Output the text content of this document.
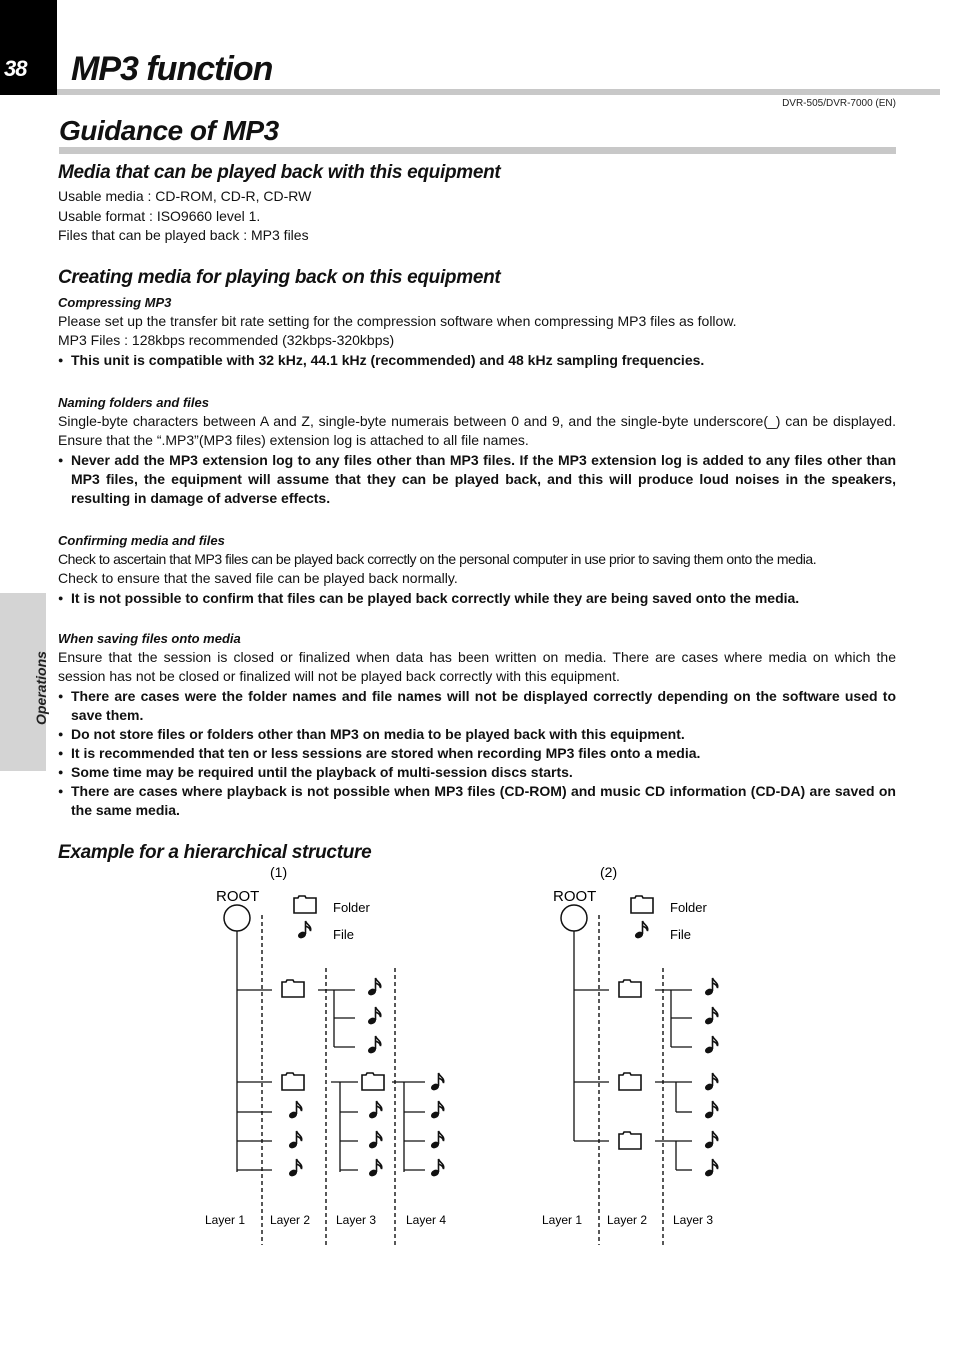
38 MP3 function
DVR-505/DVR-7000 (EN)
Guidance of MP3
Operations
Media that can be played back with this equipment

Usable media : CD-ROM, CD-R, CD-RW

Usable format : ISO9660 level 1.

Files that can be played back : MP3 files

Creating media for playing back on this equipment
Compressing MP3

Please set up the transfer bit rate setting for the compression software when compressing MP3 files as follow.

MP3 Files : 128kbps recommended (32kbps-320kbps)

● This unit is compatible with 32 kHz, 44.1 kHz (recommended) and 48 kHz sampling frequencies.
Naming folders and files

Single-byte characters between A and Z, single-byte numerais between 0 and 9, and the single-byte underscore(_) can be displayed. Ensure that the “.MP3”(MP3 files) extension log is attached to all file names.

● Never add the MP3 extension log to any files other than MP3 files. If the MP3 extension log is added to any files other than MP3 files, the equipment will assume that they can be played back, and this will produce loud noises in the speakers, resulting in damage of adverse effects.
Confirming media and files

Check to ascertain that MP3 files can be played back correctly on the personal computer in use prior to saving them onto the media.

Check to ensure that the saved file can be played back normally.

● It is not possible to confirm that files can be played back correctly while they are being saved onto the media.
When saving files onto media

Ensure that the session is closed or finalized when data has been written on media. There are cases where media on which the session has not be closed or finalized will not be played back correctly with this equipment.

● There are cases were the folder names and file names will not be displayed correctly depending on the software used to save them.
● Do not store files or folders other than MP3 on media to be played back with this equipment.
● It is recommended that ten or less sessions are stored when recording MP3 files onto a media.
● Some time may be required until the playback of multi-session discs starts.
● There are cases where playback is not possible when MP3 files (CD-ROM) and music CD information (CD-DA) are saved on the same media.
Example for a hierarchical structure
(1)
ROOT
Folder
File
Layer 1 Layer 2 Layer 3 Layer 4
(2)
ROOT
Folder
File
Layer 1 Layer 2 Layer 3
